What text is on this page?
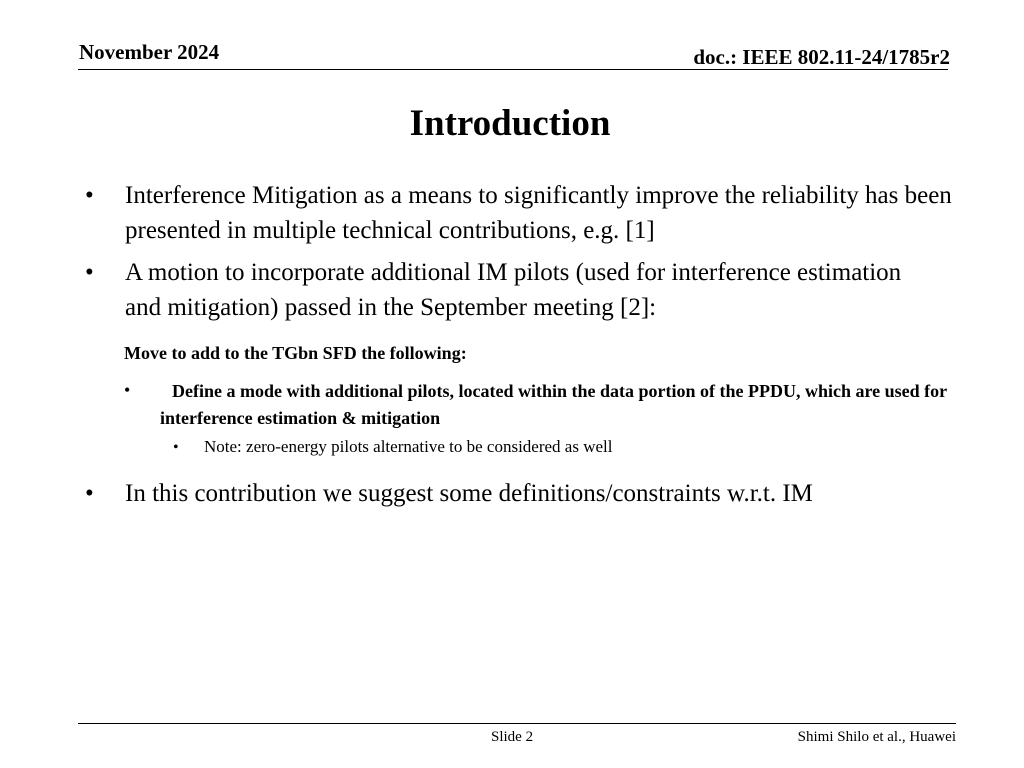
November 2024	doc.: IEEE 802.11-24/1785r2
Introduction
• Interference Mitigation as a means to significantly improve the reliability has been presented in multiple technical contributions, e.g. [1]
• A motion to incorporate additional IM pilots (used for interference estimation and mitigation) passed in the September meeting [2]:
Move to add to the TGbn SFD the following:
•	Define a mode with additional pilots, located within the data portion of the PPDU, which are used for interference estimation & mitigation
• Note: zero-energy pilots alternative to be considered as well
• In this contribution we suggest some definitions/constraints w.r.t. IM
Slide 2	Shimi Shilo et al., Huawei
